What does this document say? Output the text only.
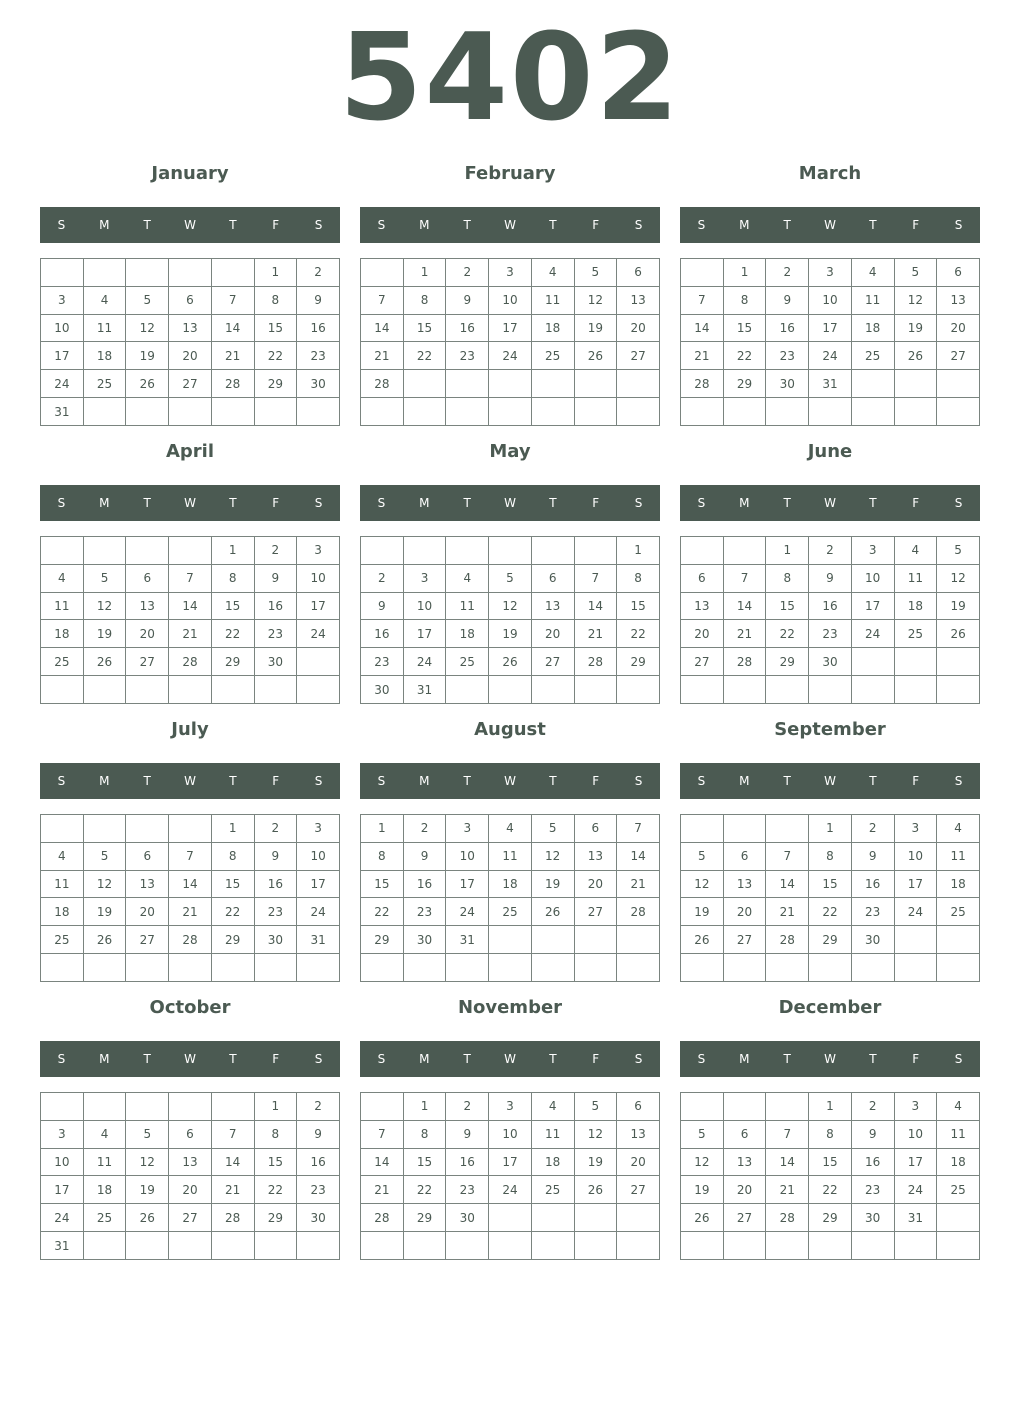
5402
January
S	M	T	W	T	F	S
					1	2
3	4	5	6	7	8	9
10	11	12	13	14	15	16
17	18	19	20	21	22	23
24	25	26	27	28	29	30
31						
February
S	M	T	W	T	F	S
	1	2	3	4	5	6
7	8	9	10	11	12	13
14	15	16	17	18	19	20
21	22	23	24	25	26	27
28						

March
S	M	T	W	T	F	S
	1	2	3	4	5	6
7	8	9	10	11	12	13
14	15	16	17	18	19	20
21	22	23	24	25	26	27
28	29	30	31			

April
S	M	T	W	T	F	S
				1	2	3
4	5	6	7	8	9	10
11	12	13	14	15	16	17
18	19	20	21	22	23	24
25	26	27	28	29	30	

May
S	M	T	W	T	F	S
						1
2	3	4	5	6	7	8
9	10	11	12	13	14	15
16	17	18	19	20	21	22
23	24	25	26	27	28	29
30	31					
June
S	M	T	W	T	F	S
		1	2	3	4	5
6	7	8	9	10	11	12
13	14	15	16	17	18	19
20	21	22	23	24	25	26
27	28	29	30			

July
S	M	T	W	T	F	S
				1	2	3
4	5	6	7	8	9	10
11	12	13	14	15	16	17
18	19	20	21	22	23	24
25	26	27	28	29	30	31

August
S	M	T	W	T	F	S
1	2	3	4	5	6	7
8	9	10	11	12	13	14
15	16	17	18	19	20	21
22	23	24	25	26	27	28
29	30	31				

September
S	M	T	W	T	F	S
			1	2	3	4
5	6	7	8	9	10	11
12	13	14	15	16	17	18
19	20	21	22	23	24	25
26	27	28	29	30		

October
S	M	T	W	T	F	S
					1	2
3	4	5	6	7	8	9
10	11	12	13	14	15	16
17	18	19	20	21	22	23
24	25	26	27	28	29	30
31						
November
S	M	T	W	T	F	S
	1	2	3	4	5	6
7	8	9	10	11	12	13
14	15	16	17	18	19	20
21	22	23	24	25	26	27
28	29	30				

December
S	M	T	W	T	F	S
			1	2	3	4
5	6	7	8	9	10	11
12	13	14	15	16	17	18
19	20	21	22	23	24	25
26	27	28	29	30	31	
